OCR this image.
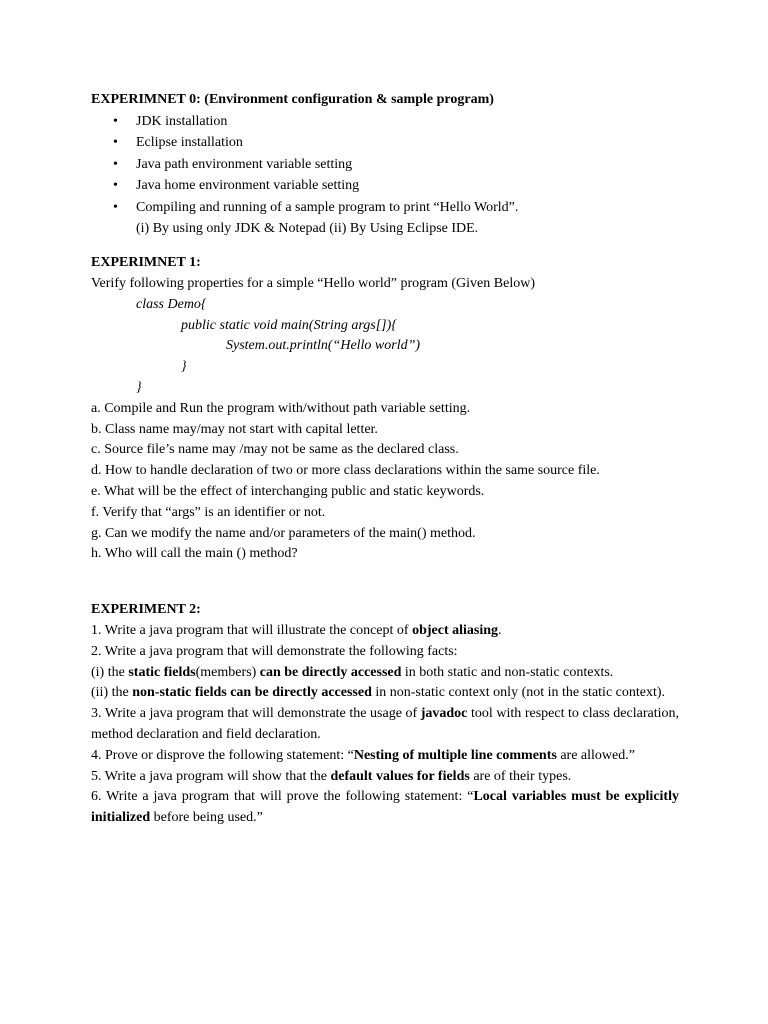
EXPERIMNET 0: (Environment configuration & sample program)
• JDK installation
• Eclipse installation
• Java path environment variable setting
• Java home environment variable setting
• Compiling and running of a sample program to print “Hello World”.
(i) By using only JDK & Notepad (ii) By Using Eclipse IDE.
EXPERIMNET 1:
Verify following properties for a simple “Hello world” program (Given Below)
class Demo{
public static void main(String args[]){
System.out.println(“Hello world”)
}
}
a. Compile and Run the program with/without path variable setting.
b. Class name may/may not start with capital letter.
c. Source file’s name may /may not be same as the declared class.
d. How to handle declaration of two or more class declarations within the same source file.
e. What will be the effect of interchanging public and static keywords.
f. Verify that “args” is an identifier or not.
g. Can we modify the name and/or parameters of the main() method.
h. Who will call the main () method?
EXPERIMENT 2:
1. Write a java program that will illustrate the concept of object aliasing.
2. Write a java program that will demonstrate the following facts:
(i) the static fields(members) can be directly accessed in both static and non-static contexts.
(ii) the non-static fields can be directly accessed in non-static context only (not in the static context).
3. Write a java program that will demonstrate the usage of javadoc tool with respect to class declaration, method declaration and field declaration.
4. Prove or disprove the following statement: “Nesting of multiple line comments are allowed.”
5. Write a java program will show that the default values for fields are of their types.
6. Write a java program that will prove the following statement: “Local variables must be explicitly initialized before being used.”
